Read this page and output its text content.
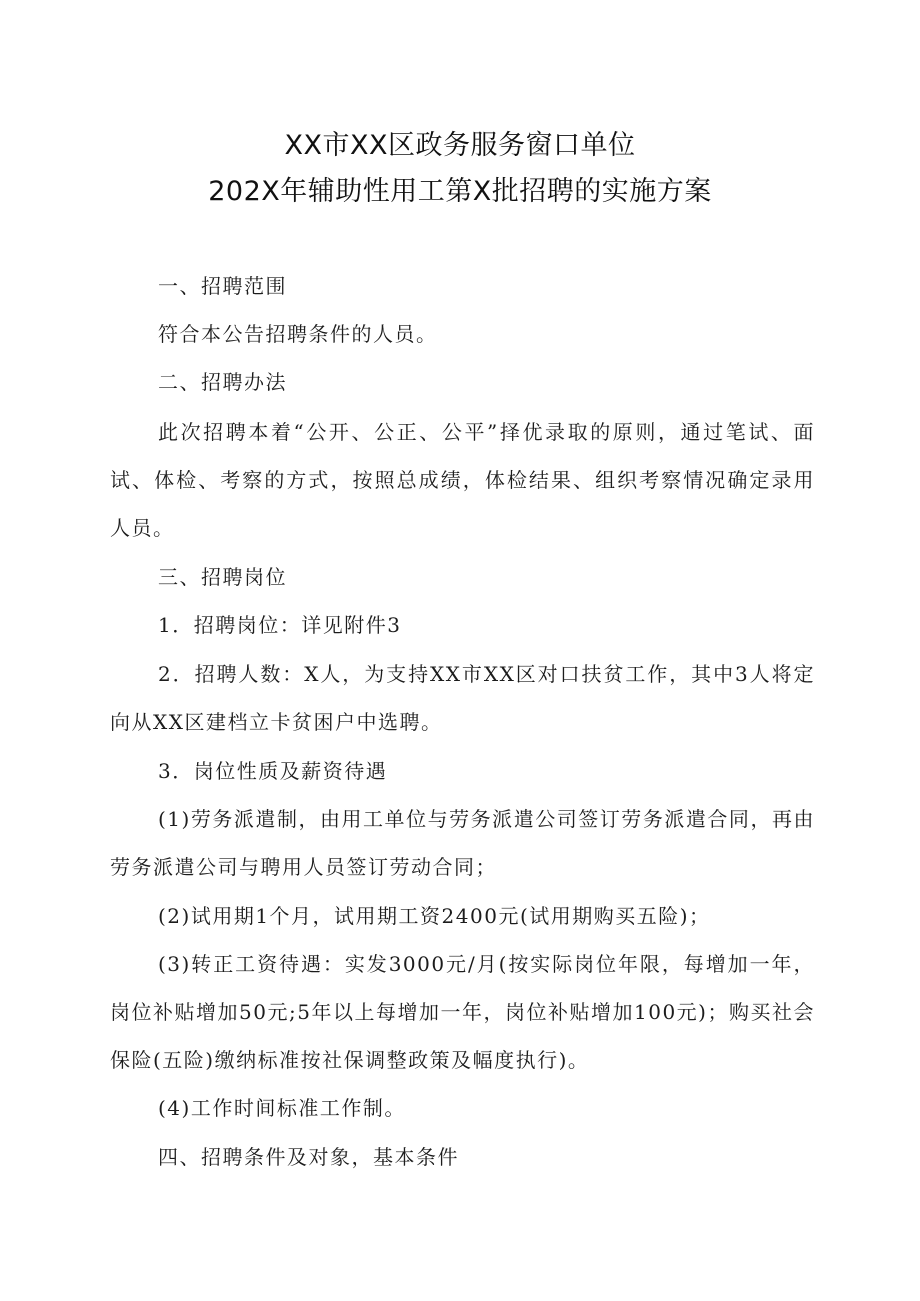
XX市XX区政务服务窗口单位
202X年辅助性用工第X批招聘的实施方案

一、招聘范围

符合本公告招聘条件的人员。

二、招聘办法

此次招聘本着“公开、公正、公平”择优录取的原则，通过笔试、面试、体检、考察的方式，按照总成绩，体检结果、组织考察情况确定录用人员。

三、招聘岗位

1．招聘岗位：详见附件3

2．招聘人数：X人，为支持XX市XX区对口扶贫工作，其中3人将定向从XX区建档立卡贫困户中选聘。

3．岗位性质及薪资待遇

(1)劳务派遣制，由用工单位与劳务派遣公司签订劳务派遣合同，再由劳务派遣公司与聘用人员签订劳动合同；

(2)试用期1个月，试用期工资2400元(试用期购买五险)；

(3)转正工资待遇：实发3000元/月(按实际岗位年限，每增加一年，岗位补贴增加50元;5年以上每增加一年，岗位补贴增加100元)；购买社会保险(五险)缴纳标准按社保调整政策及幅度执行)。

(4)工作时间标准工作制。

四、招聘条件及对象，基本条件
